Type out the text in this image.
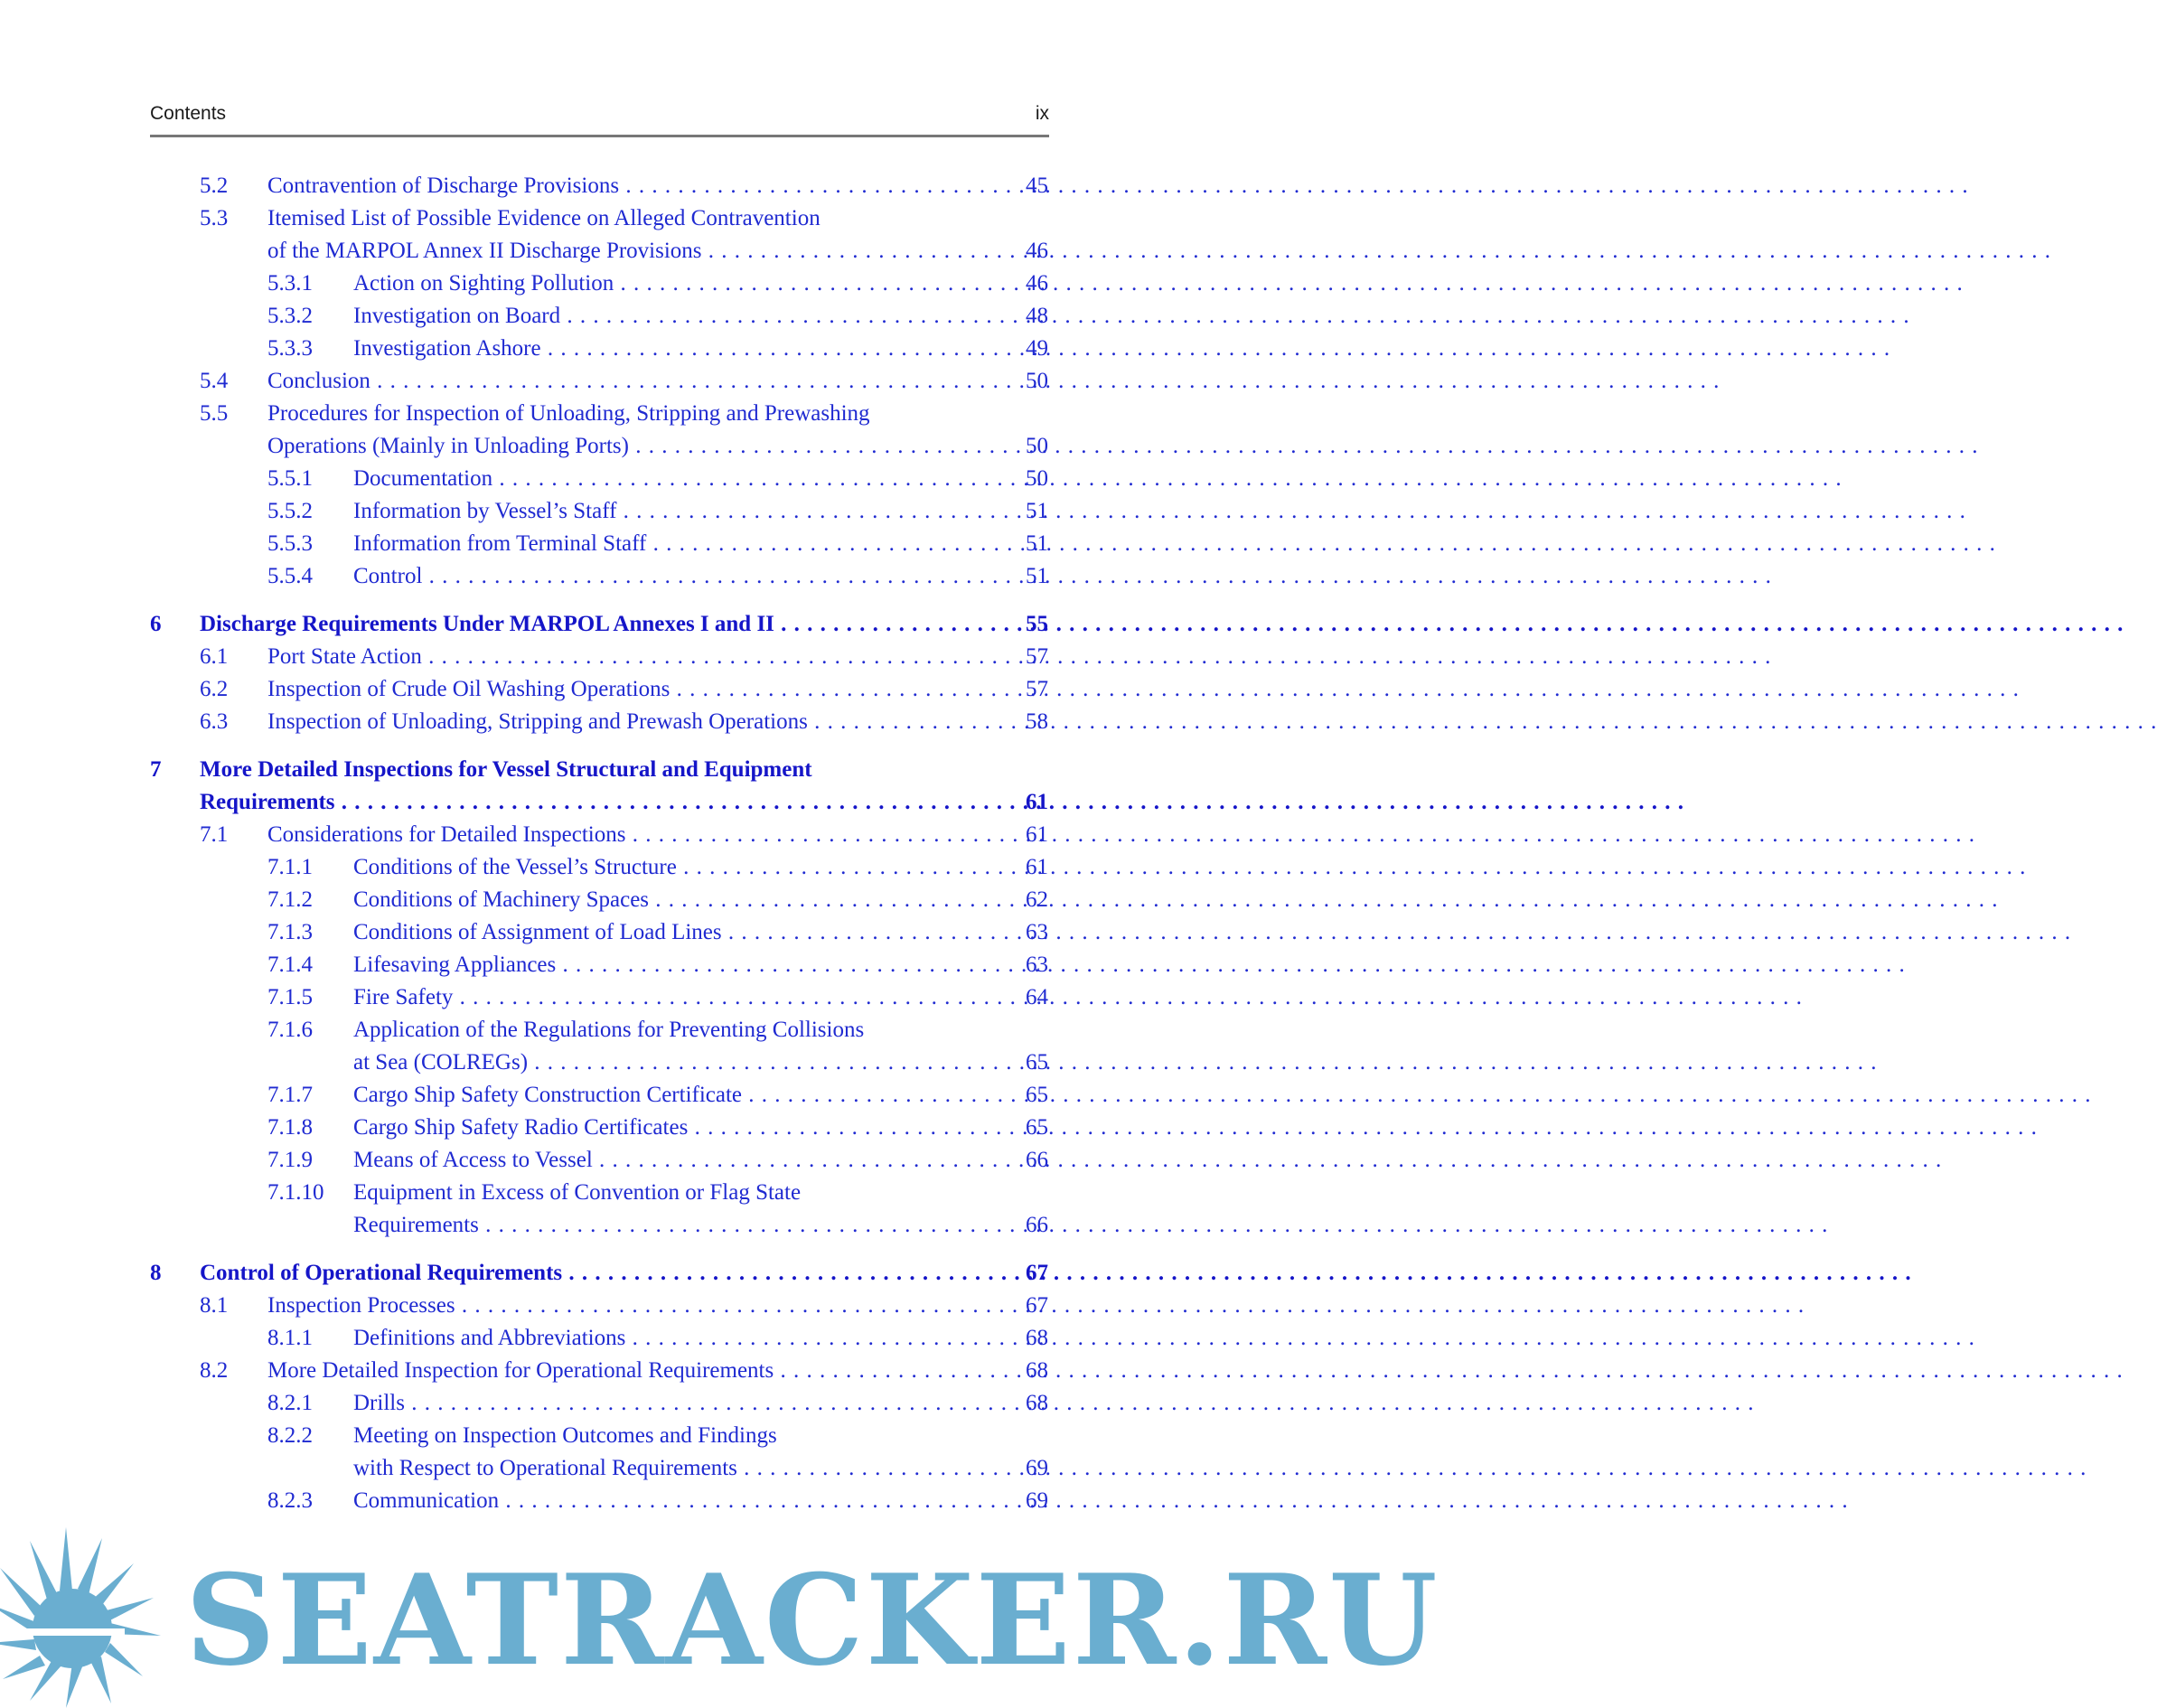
Contents	ix
5.2 Contravention of Discharge Provisions . . .	45
5.3 Itemised List of Possible Evidence on Alleged Contravention
of the MARPOL Annex II Discharge Provisions . . .	46
5.3.1 Action on Sighting Pollution . . .	46
5.3.2 Investigation on Board . . .	48
5.3.3 Investigation Ashore . . .	49
5.4 Conclusion . . .	50
5.5 Procedures for Inspection of Unloading, Stripping and Prewashing
Operations (Mainly in Unloading Ports) . . .	50
5.5.1 Documentation . . .	50
5.5.2 Information by Vessel’s Staff . . .	51
5.5.3 Information from Terminal Staff . . .	51
5.5.4 Control . . .	51
6 Discharge Requirements Under MARPOL Annexes I and II . . .	55
6.1 Port State Action . . .	57
6.2 Inspection of Crude Oil Washing Operations . . .	57
6.3 Inspection of Unloading, Stripping and Prewash Operations . . .	58
7 More Detailed Inspections for Vessel Structural and Equipment
Requirements . . .	61
7.1 Considerations for Detailed Inspections . . .	61
7.1.1 Conditions of the Vessel’s Structure . . .	61
7.1.2 Conditions of Machinery Spaces . . .	62
7.1.3 Conditions of Assignment of Load Lines . . .	63
7.1.4 Lifesaving Appliances . . .	63
7.1.5 Fire Safety . . .	64
7.1.6 Application of the Regulations for Preventing Collisions
at Sea (COLREGs) . . .	65
7.1.7 Cargo Ship Safety Construction Certificate . . .	65
7.1.8 Cargo Ship Safety Radio Certificates . . .	65
7.1.9 Means of Access to Vessel . . .	66
7.1.10 Equipment in Excess of Convention or Flag State
Requirements . . .	66
8 Control of Operational Requirements . . .	67
8.1 Inspection Processes . . .	67
8.1.1 Definitions and Abbreviations . . .	68
8.2 More Detailed Inspection for Operational Requirements . . .	68
8.2.1 Drills . . .	68
8.2.2 Meeting on Inspection Outcomes and Findings
with Respect to Operational Requirements . . .	69
8.2.3 Communication . . .	69
SEATRACKER.RU
